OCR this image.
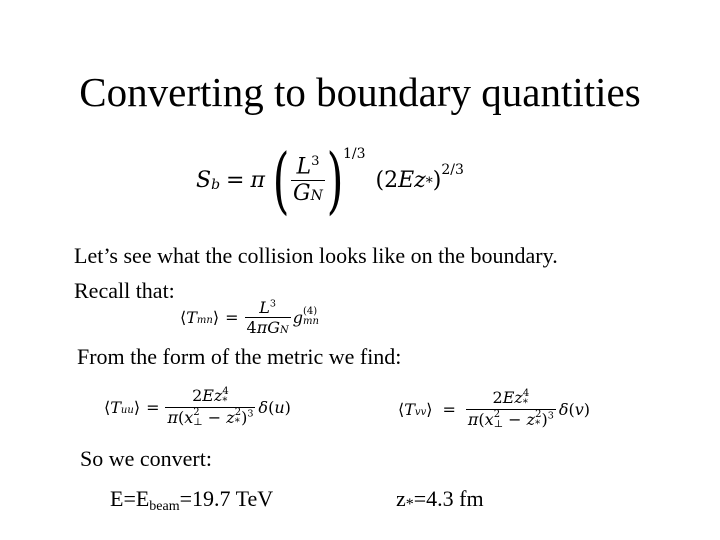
Converting to boundary quantities
S b = π ( $\frac{L^3}{GN}$ ) 1/3
(2Ez*) 2/3
Let’s see what the collision looks like on the boundary.
Recall that:
⟨Tmn⟩ = $\frac{L^3}{\text{4πGN}}$ g (4)
mn
From the form of the metric we find:
⟨Tuu⟩ = 2Ez 4
*
π(x 2
⊥ − z 2
* )$^3$ δ ( u )	⟨Tvv⟩ = 2Ez 4
*
π(x 2
⊥ − z 2
* )$^3$ δ ( v )
So we convert:
E=Ebeam=19.7 TeV	z*=4.3 fm
